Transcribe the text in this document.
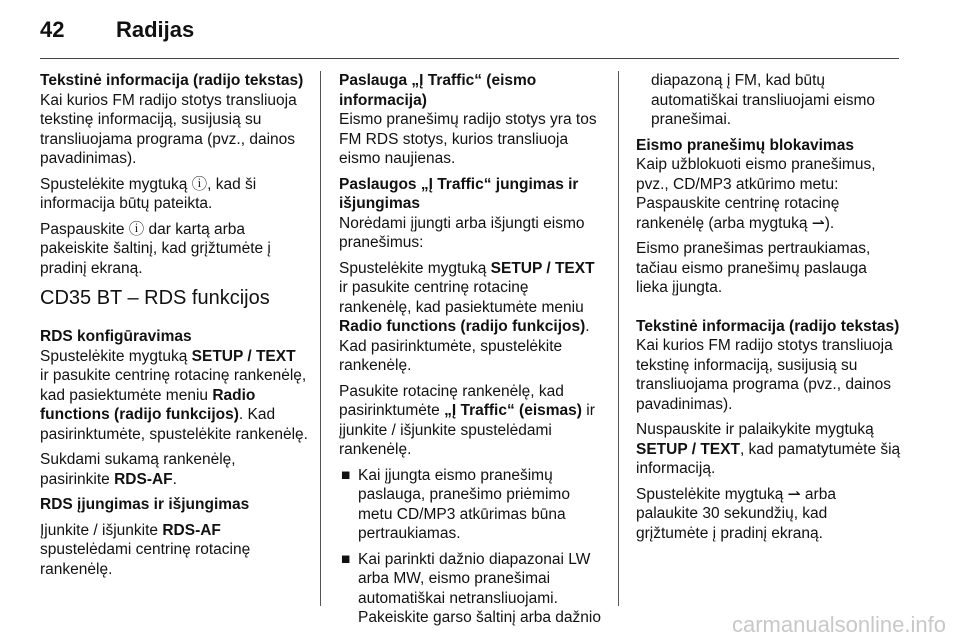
42 Radijas
Tekstinė informacija (radijo tekstas)
Kai kurios FM radijo stotys transliuoja tekstinę informaciją, susijusią su transliuojama programa (pvz., dainos pavadinimas).
Spustelėkite mygtuką ⓘ, kad ši informacija būtų pateikta.
Paspauskite ⓘ dar kartą arba pakeiskite šaltinį, kad grįžtumėte į pradinį ekraną.
CD35 BT – RDS funkcijos
RDS konfigūravimas
Spustelėkite mygtuką SETUP / TEXT ir pasukite centrinę rotacinę rankenėlę, kad pasiektumėte meniu Radio functions (radijo funkcijos). Kad pasirinktumėte, spustelėkite rankenėlę.
Sukdami sukamą rankenėlę, pasirinkite RDS-AF.
RDS įjungimas ir išjungimas
Įjunkite / išjunkite RDS-AF spustelėdami centrinę rotacinę rankenėlę.
Paslauga „Į Traffic“ (eismo informacija)
Eismo pranešimų radijo stotys yra tos FM RDS stotys, kurios transliuoja eismo naujienas.
Paslaugos „Į Traffic“ jungimas ir išjungimas
Norėdami įjungti arba išjungti eismo pranešimus:
Spustelėkite mygtuką SETUP / TEXT ir pasukite centrinę rotacinę rankenėlę, kad pasiektumėte meniu Radio functions (radijo funkcijos). Kad pasirinktumėte, spustelėkite rankenėlę.
Pasukite rotacinę rankenėlę, kad pasirinktumėte „Į Traffic“ (eismas) ir įjunkite / išjunkite spustelėdami rankenėlę.
■ Kai įjungta eismo pranešimų paslauga, pranešimo priėmimo metu CD/MP3 atkūrimas būna pertraukiamas.
■ Kai parinkti dažnio diapazonai LW arba MW, eismo pranešimai automatiškai netransliuojami. Pakeiskite garso šaltinį arba dažnio
diapazoną į FM, kad būtų automatiškai transliuojami eismo pranešimai.
Eismo pranešimų blokavimas
Kaip užblokuoti eismo pranešimus, pvz., CD/MP3 atkūrimo metu: Paspauskite centrinę rotacinę rankenėlę (arba mygtuką ⇀).
Eismo pranešimas pertraukiamas, tačiau eismo pranešimų paslauga lieka įjungta.
Tekstinė informacija (radijo tekstas)
Kai kurios FM radijo stotys transliuoja tekstinę informaciją, susijusią su transliuojama programa (pvz., dainos pavadinimas).
Nuspauskite ir palaikykite mygtuką SETUP / TEXT, kad pamatytumėte šią informaciją.
Spustelėkite mygtuką ⇀ arba palaukite 30 sekundžių, kad grįžtumėte į pradinį ekraną.
carmanualsonline.info
